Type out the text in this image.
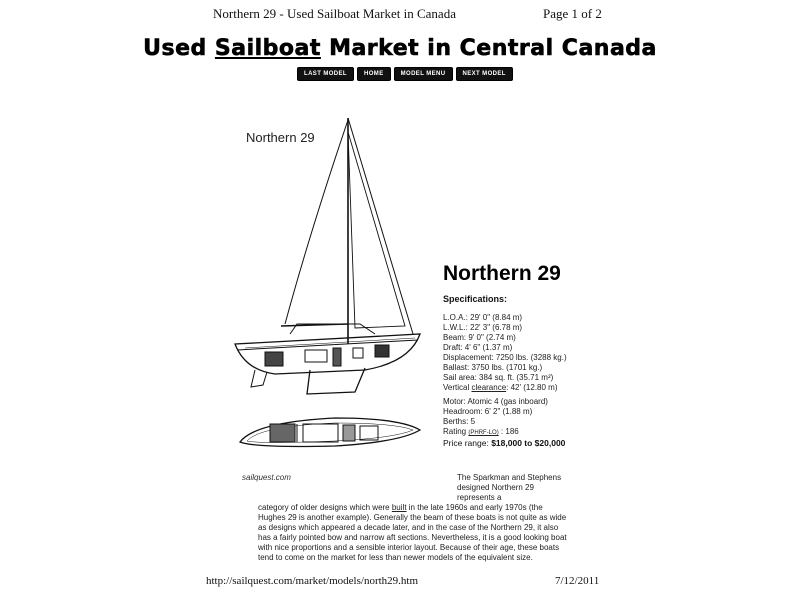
Northern 29 - Used Sailboat Market in Canada	Page 1 of 2
Used Sailboat Market in Central Canada
LAST MODEL	HOME	MODEL MENU	NEXT MODEL
Northern 29
sailquest.com
Northern 29
Specifications:
L.O.A.: 29' 0" (8.84 m)
L.W.L.: 22' 3" (6.78 m)
Beam: 9' 0" (2.74 m)
Draft: 4' 6" (1.37 m)
Displacement: 7250 lbs. (3288 kg.)
Ballast: 3750 lbs. (1701 kg.)
Sail area: 384 sq. ft. (35.71 m²)
Vertical clearance: 42' (12.80 m)
Motor: Atomic 4 (gas inboard)
Headroom: 6' 2" (1.88 m)
Berths: 5
Rating (PHRF-LO) : 186
Price range: $18,000 to $20,000
The Sparkman and Stephens designed Northern 29 represents a
category of older designs which were built in the late 1960s and early 1970s (the Hughes 29 is another example). Generally the beam of these boats is not quite as wide as designs which appeared a decade later, and in the case of the Northern 29, it also has a fairly pointed bow and narrow aft sections. Nevertheless, it is a good looking boat with nice proportions and a sensible interior layout. Because of their age, these boats tend to come on the market for less than newer models of the equivalent size.
http://sailquest.com/market/models/north29.htm	7/12/2011
